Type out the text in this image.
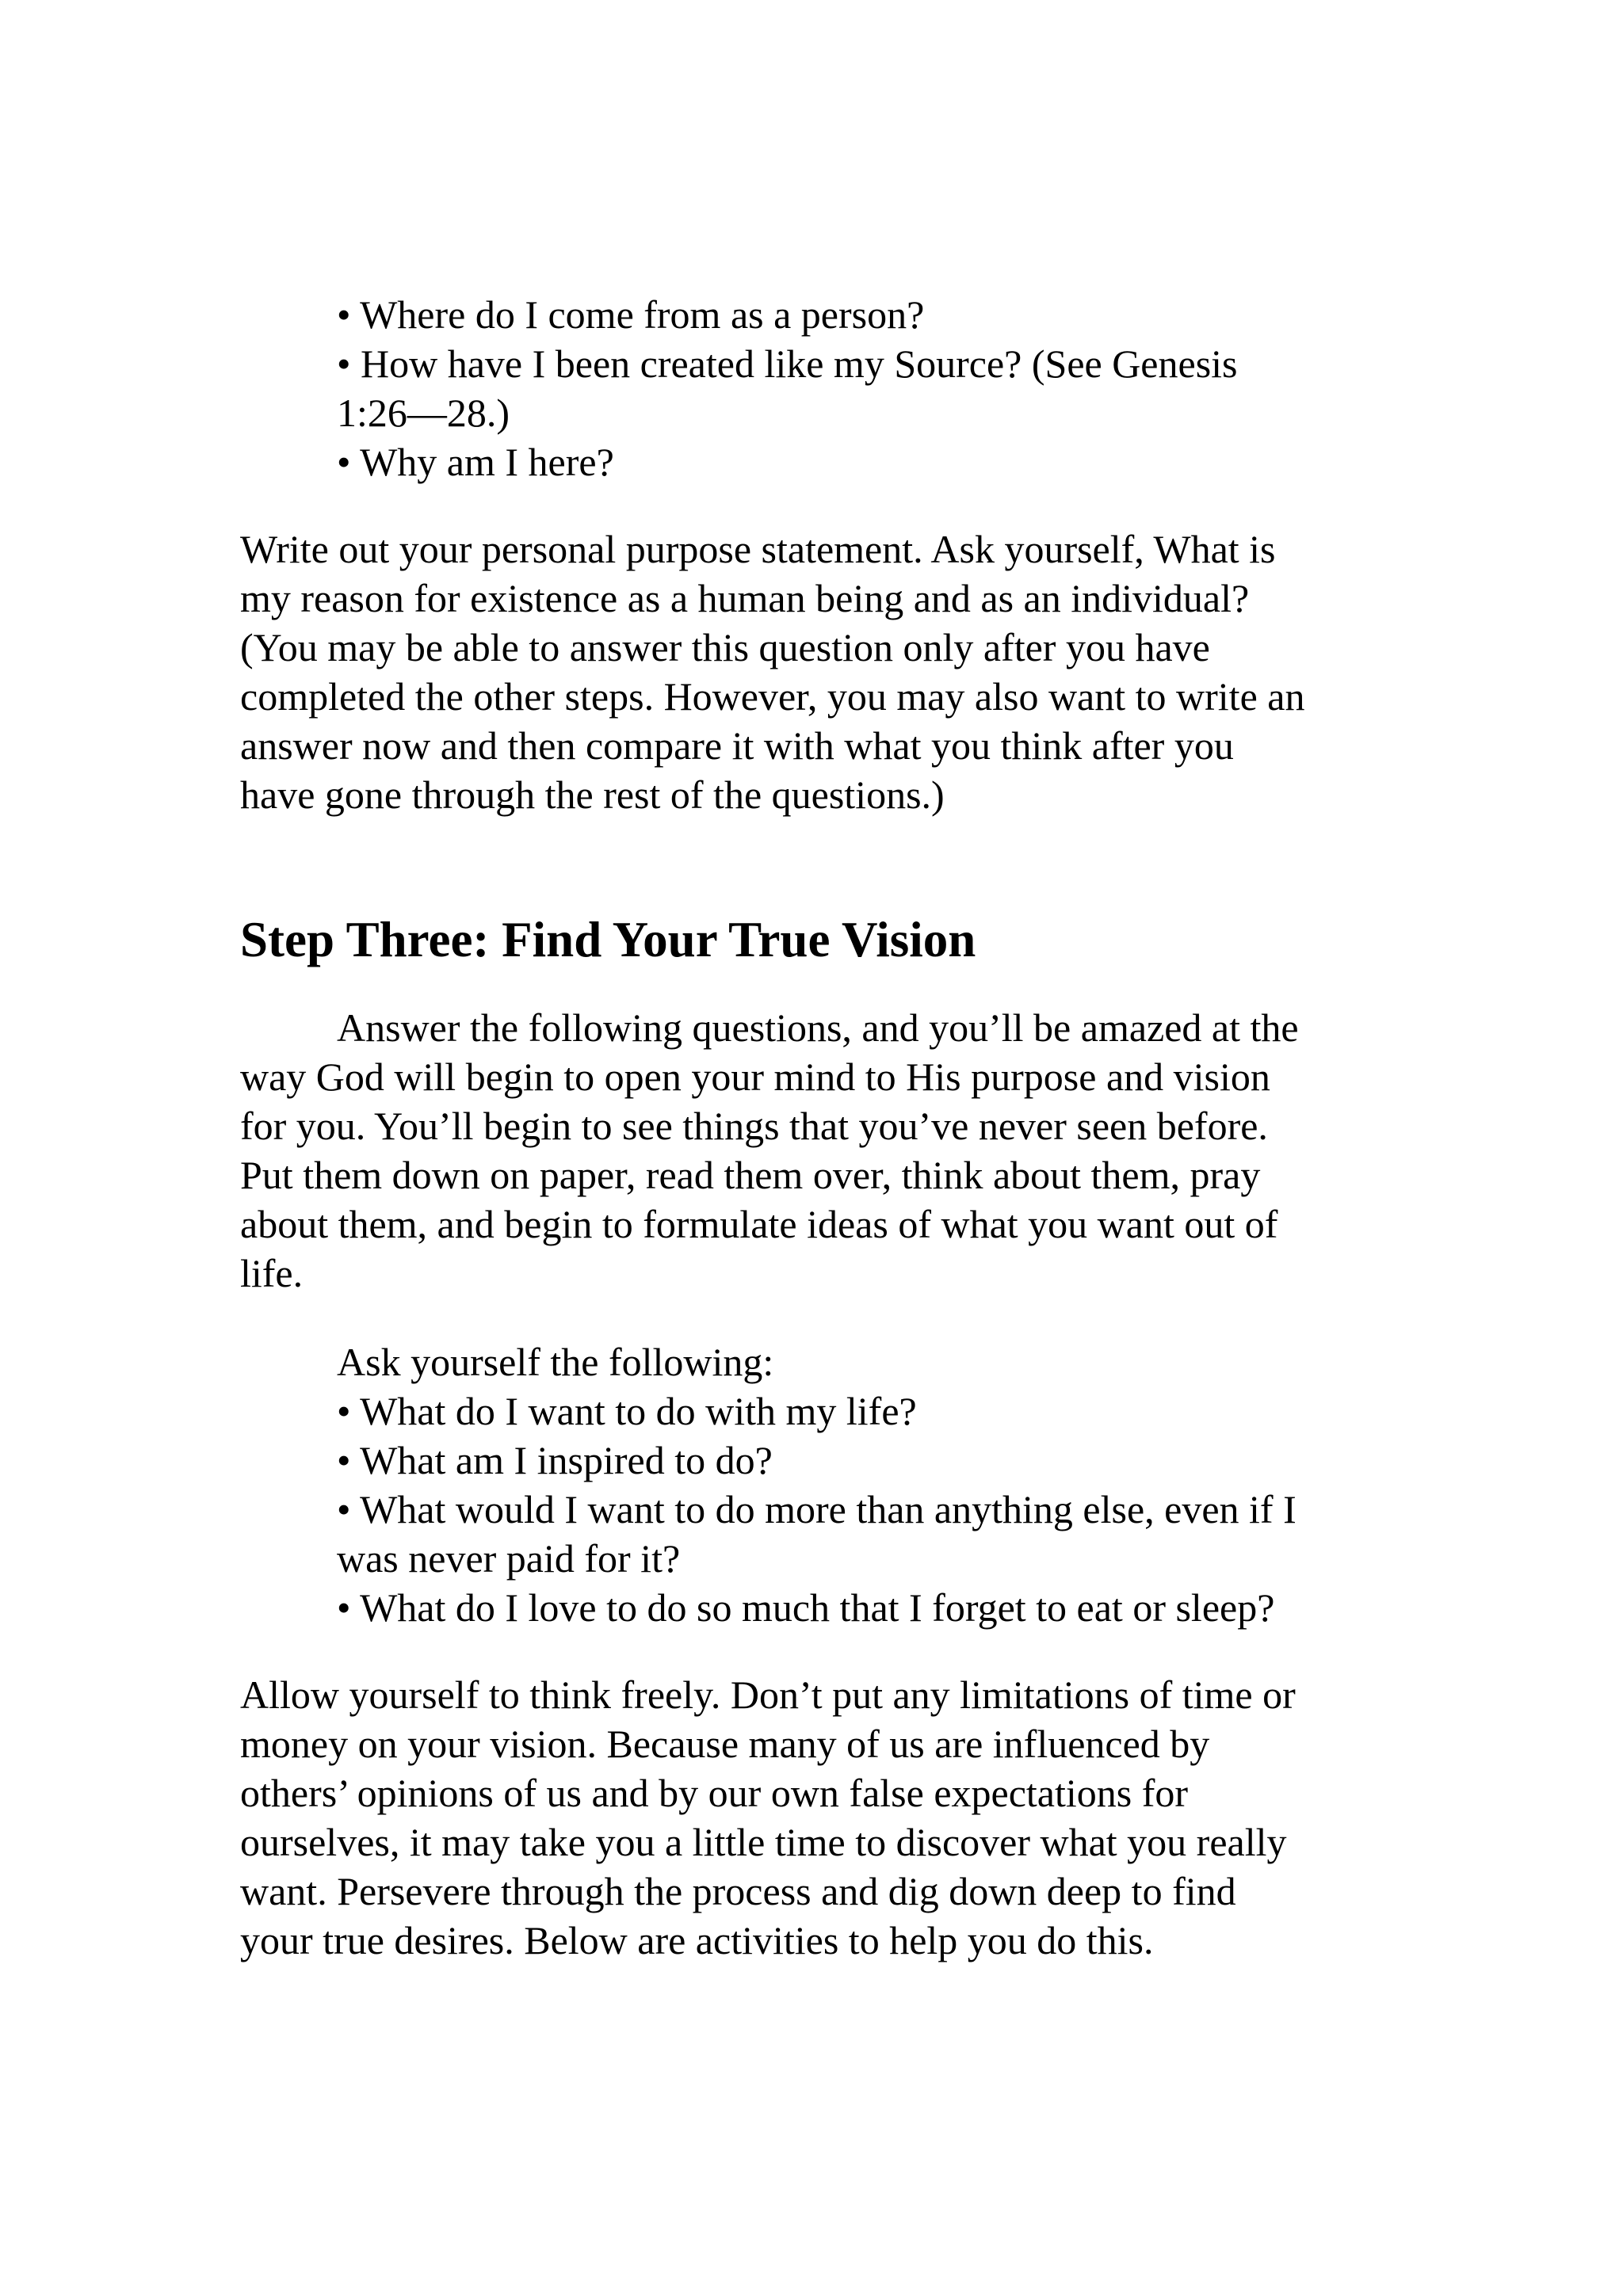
• Where do I come from as a person?
• How have I been created like my Source? (See Genesis
1:26—28.)
• Why am I here?
Write out your personal purpose statement. Ask yourself, What is
my reason for existence as a human being and as an individual?
(You may be able to answer this question only after you have
completed the other steps. However, you may also want to write an
answer now and then compare it with what you think after you
have gone through the rest of the questions.)
Step Three: Find Your True Vision
Answer the following questions, and you’ll be amazed at the
way God will begin to open your mind to His purpose and vision
for you. You’ll begin to see things that you’ve never seen before.
Put them down on paper, read them over, think about them, pray
about them, and begin to formulate ideas of what you want out of
life.
Ask yourself the following:
• What do I want to do with my life?
• What am I inspired to do?
• What would I want to do more than anything else, even if I
was never paid for it?
• What do I love to do so much that I forget to eat or sleep?
Allow yourself to think freely. Don’t put any limitations of time or
money on your vision. Because many of us are influenced by
others’ opinions of us and by our own false expectations for
ourselves, it may take you a little time to discover what you really
want. Persevere through the process and dig down deep to find
your true desires. Below are activities to help you do this.
